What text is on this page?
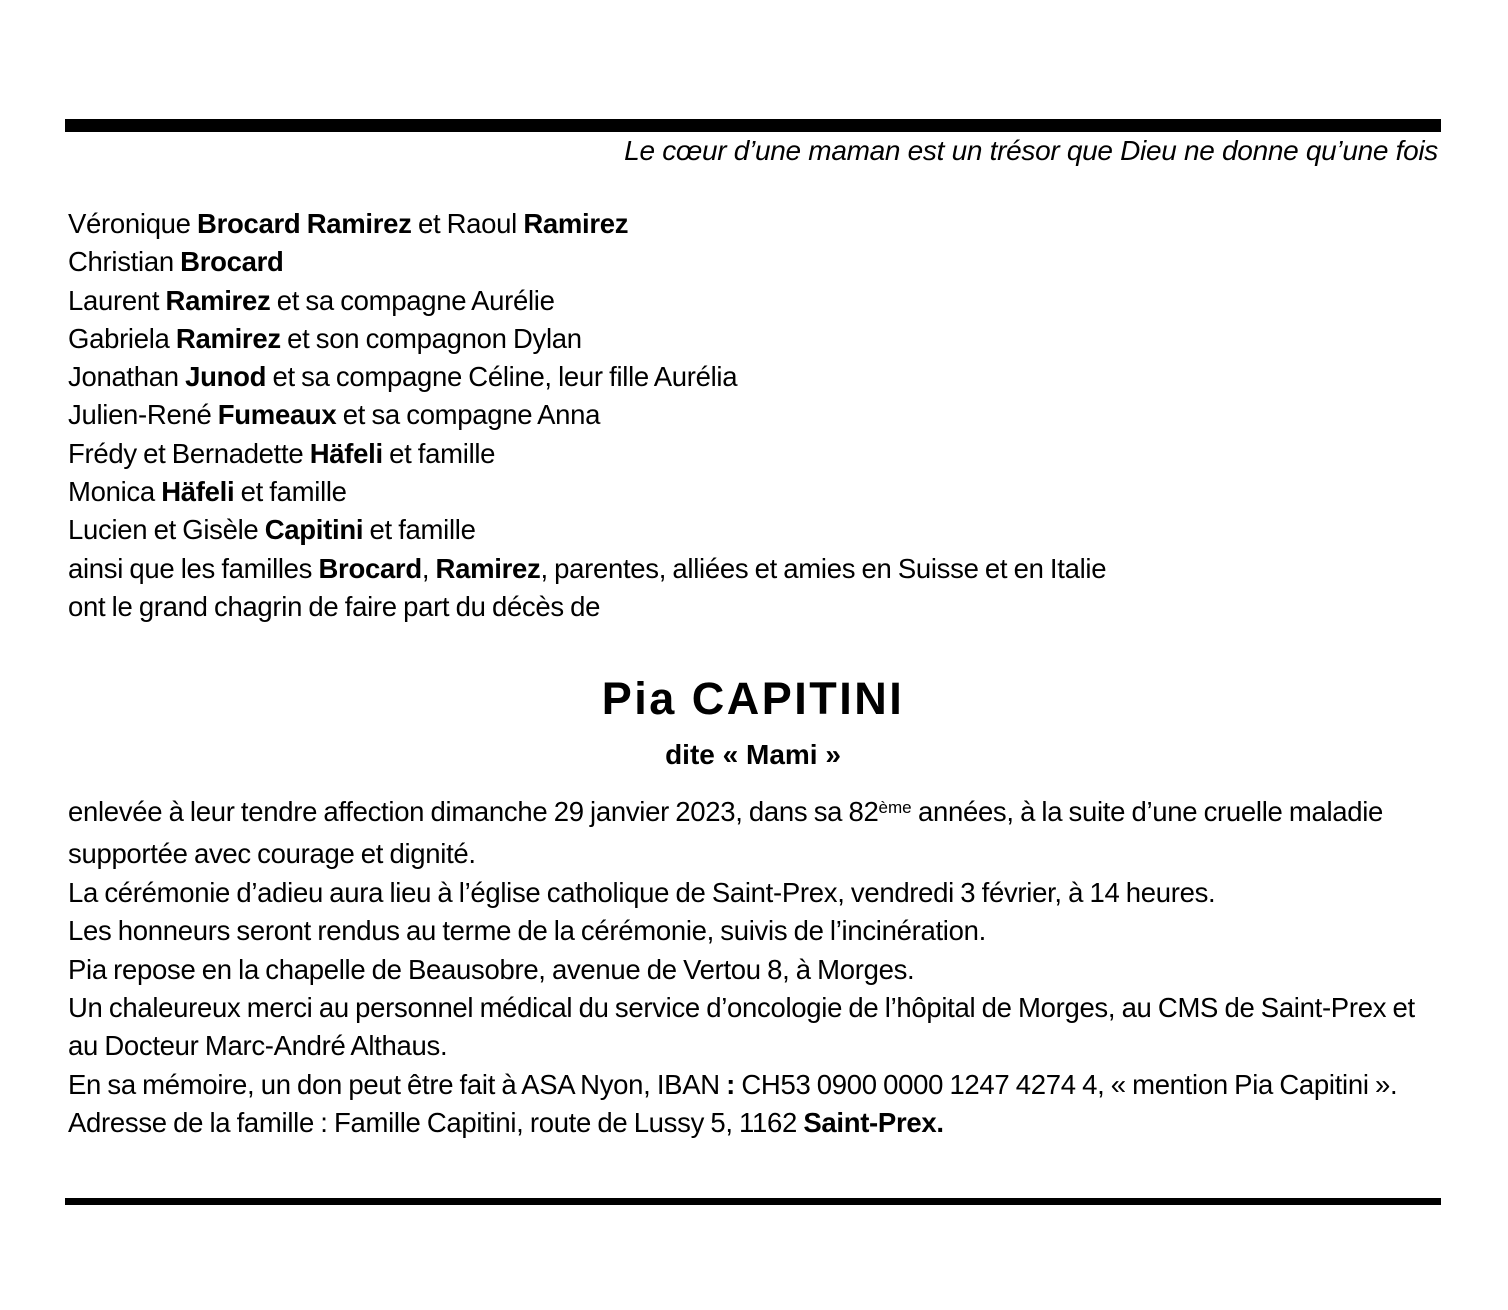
Le cœur d’une maman est un trésor que Dieu ne donne qu’une fois
Véronique Brocard Ramirez et Raoul Ramirez
Christian Brocard
Laurent Ramirez et sa compagne Aurélie
Gabriela Ramirez et son compagnon Dylan
Jonathan Junod et sa compagne Céline, leur fille Aurélia
Julien-René Fumeaux et sa compagne Anna
Frédy et Bernadette Häfeli et famille
Monica Häfeli et famille
Lucien et Gisèle Capitini et famille
ainsi que les familles Brocard, Ramirez, parentes, alliées et amies en Suisse et en Italie
ont le grand chagrin de faire part du décès de
Pia CAPITINI
dite « Mami »

enlevée à leur tendre affection dimanche 29 janvier 2023, dans sa 82ème années, à la suite d’une cruelle maladie supportée avec courage et dignité.

La cérémonie d’adieu aura lieu à l’église catholique de Saint-Prex, vendredi 3 février, à 14 heures.

Les honneurs seront rendus au terme de la cérémonie, suivis de l’incinération.

Pia repose en la chapelle de Beausobre, avenue de Vertou 8, à Morges.

Un chaleureux merci au personnel médical du service d’oncologie de l’hôpital de Morges, au CMS de Saint-Prex et au Docteur Marc-André Althaus.

En sa mémoire, un don peut être fait à ASA Nyon, IBAN : CH53 0900 0000 1247 4274 4, « mention Pia Capitini ».

Adresse de la famille : Famille Capitini, route de Lussy 5, 1162 Saint-Prex.
